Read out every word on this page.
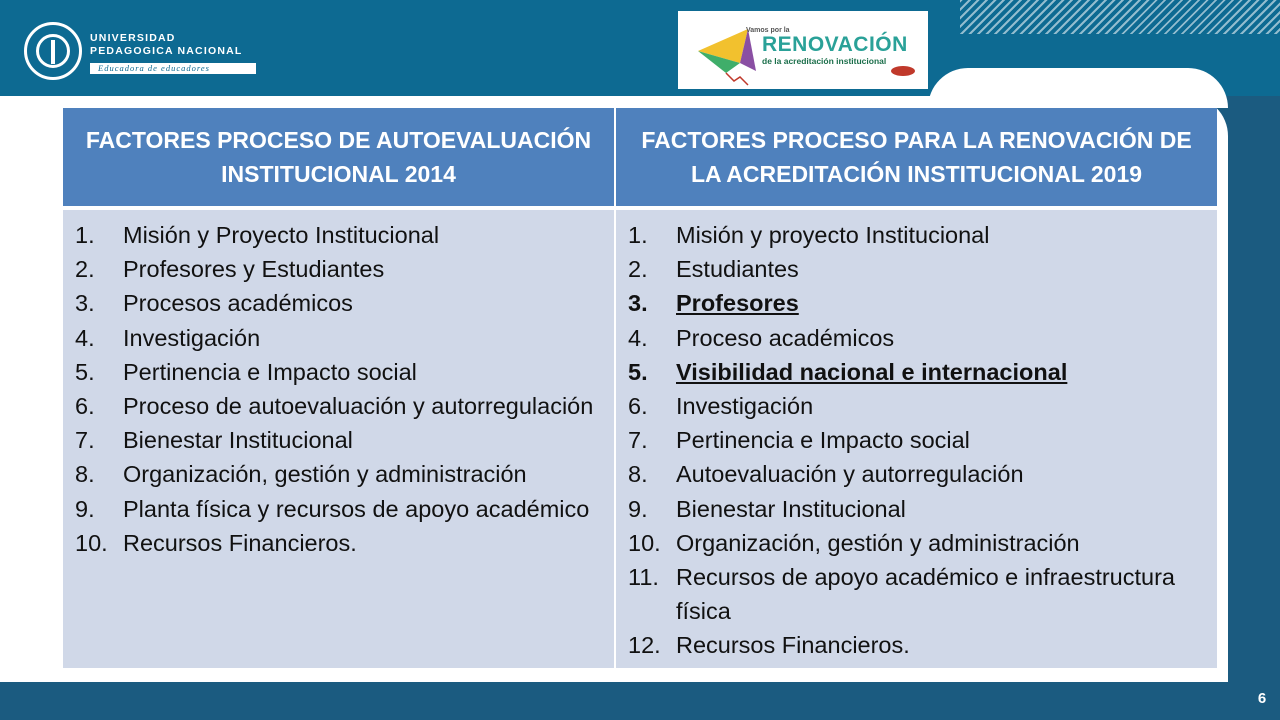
UNIVERSIDAD PEDAGOGICA NACIONAL
Educadora de educadores
Vamos por la
RENOVACIÓN
de la acreditación institucional
FACTORES PROCESO DE AUTOEVALUACIÓN INSTITUCIONAL 2014
FACTORES PROCESO PARA LA RENOVACIÓN DE LA ACREDITACIÓN INSTITUCIONAL 2019
1.	Misión y Proyecto Institucional
2.	Profesores y Estudiantes
3.	Procesos académicos
4.	Investigación
5.	Pertinencia e Impacto social
6.	Proceso de autoevaluación y autorregulación
7.	Bienestar Institucional
8.	Organización, gestión y administración
9.	Planta física y recursos de apoyo académico
10. Recursos Financieros.
1.	Misión y proyecto Institucional
2.	Estudiantes
3.	Profesores
4.	Proceso académicos
5.	Visibilidad nacional e internacional
6.	Investigación
7.	Pertinencia e Impacto social
8.	Autoevaluación y autorregulación
9.	Bienestar Institucional
10. Organización, gestión y administración
11. Recursos de apoyo académico e infraestructura física
12. Recursos Financieros.
6
